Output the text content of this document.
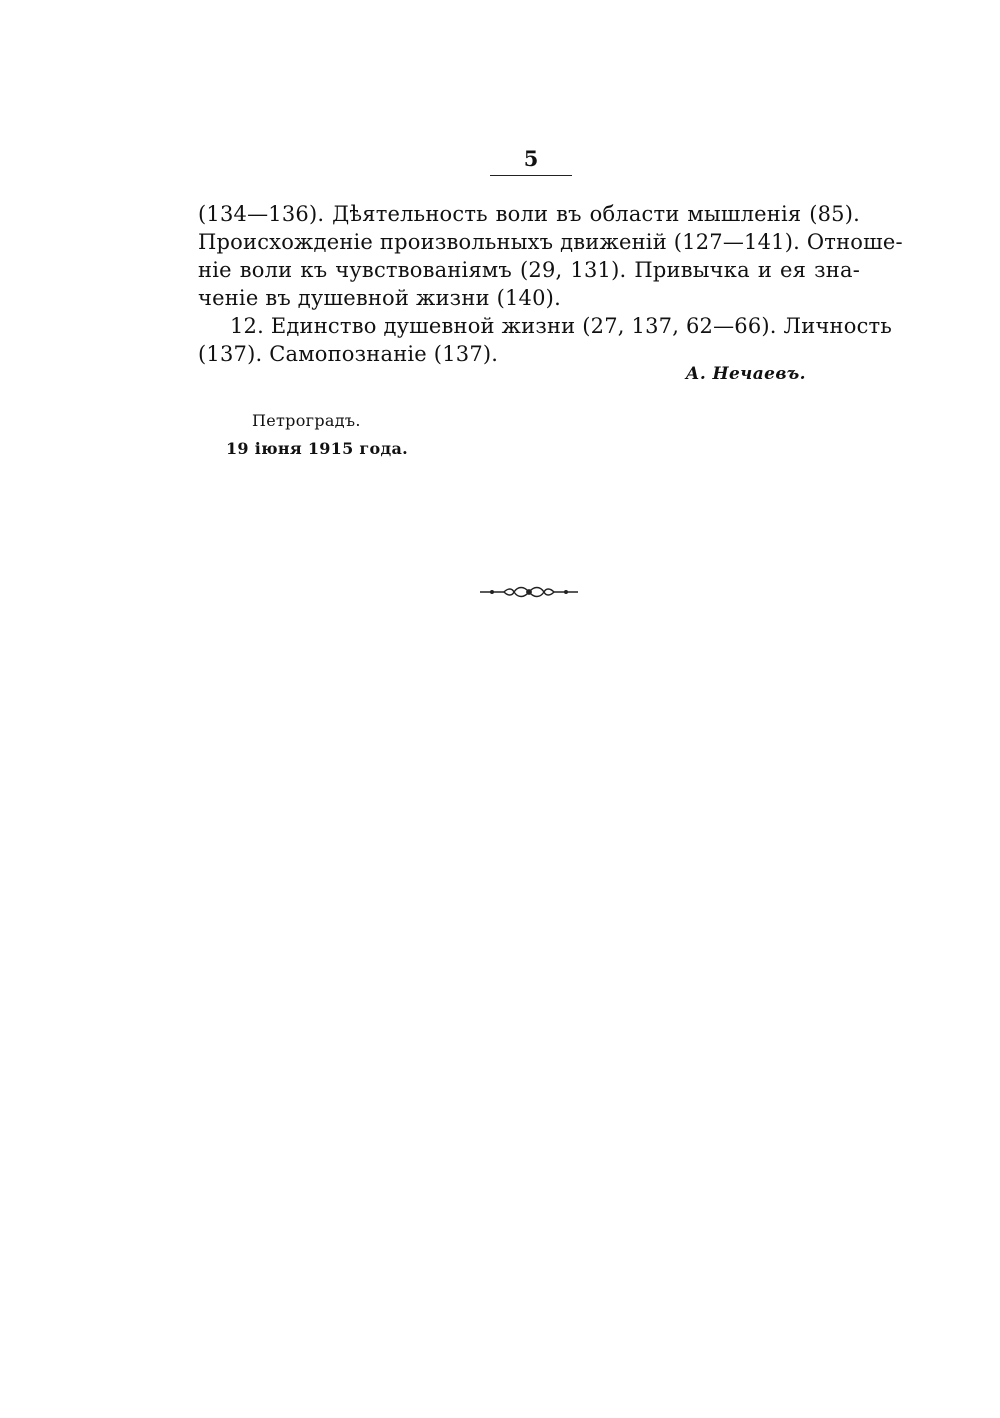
5
(134—136). Дѣятельность воли въ области мышленія (85).
Происхожденіе произвольныхъ движеній (127—141). Отноше-
ніе воли къ чувствованіямъ (29, 131). Привычка и ея зна-
ченіе въ душевной жизни (140).
12. Единство душевной жизни (27, 137, 62—66). Личность
(137). Самопознаніе (137).
А. Нечаевъ.
Петроградъ.
19 іюня 1915 года.
